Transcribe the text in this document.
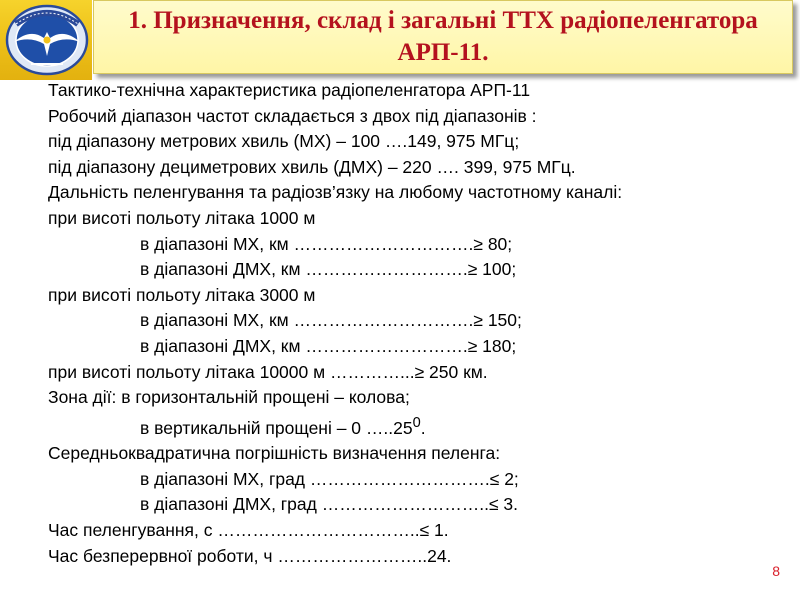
1. Призначення, склад і загальні ТТХ радіопеленгатора
АРП-11.
Тактико-технічна характеристика радіопеленгатора АРП-11
Робочий діапазон частот складається з двох під діапазонів :
під діапазону метрових хвиль (МХ) – 100 ….149, 975 МГц;
під діапазону дециметрових хвиль (ДМХ) – 220 …. 399, 975 МГц.
Дальність пеленгування та радіозв’язку на любому частотному каналі:
при висоті польоту літака 1000 м
в діапазоні МХ, км ………………………….≥ 80;
в діапазоні ДМХ, км ……………………….≥ 100;
при висоті польоту літака 3000 м
в діапазоні МХ, км ………………………….≥ 150;
в діапазоні ДМХ, км ……………………….≥ 180;
при висоті польоту літака 10000 м …………...≥ 250 км.
Зона дії: в горизонтальній прощені – колова;
в вертикальній прощені – 0 …..25$^0$.
Середньоквадратична погрішність визначення пеленга:
в діапазоні МХ, град ………………………….≤ 2;
в діапазоні ДМХ, град ………………………..≤ 3.
Час пеленгування, с ……………………………..≤ 1.
Час безперервної роботи, ч ……………………..24.
8
